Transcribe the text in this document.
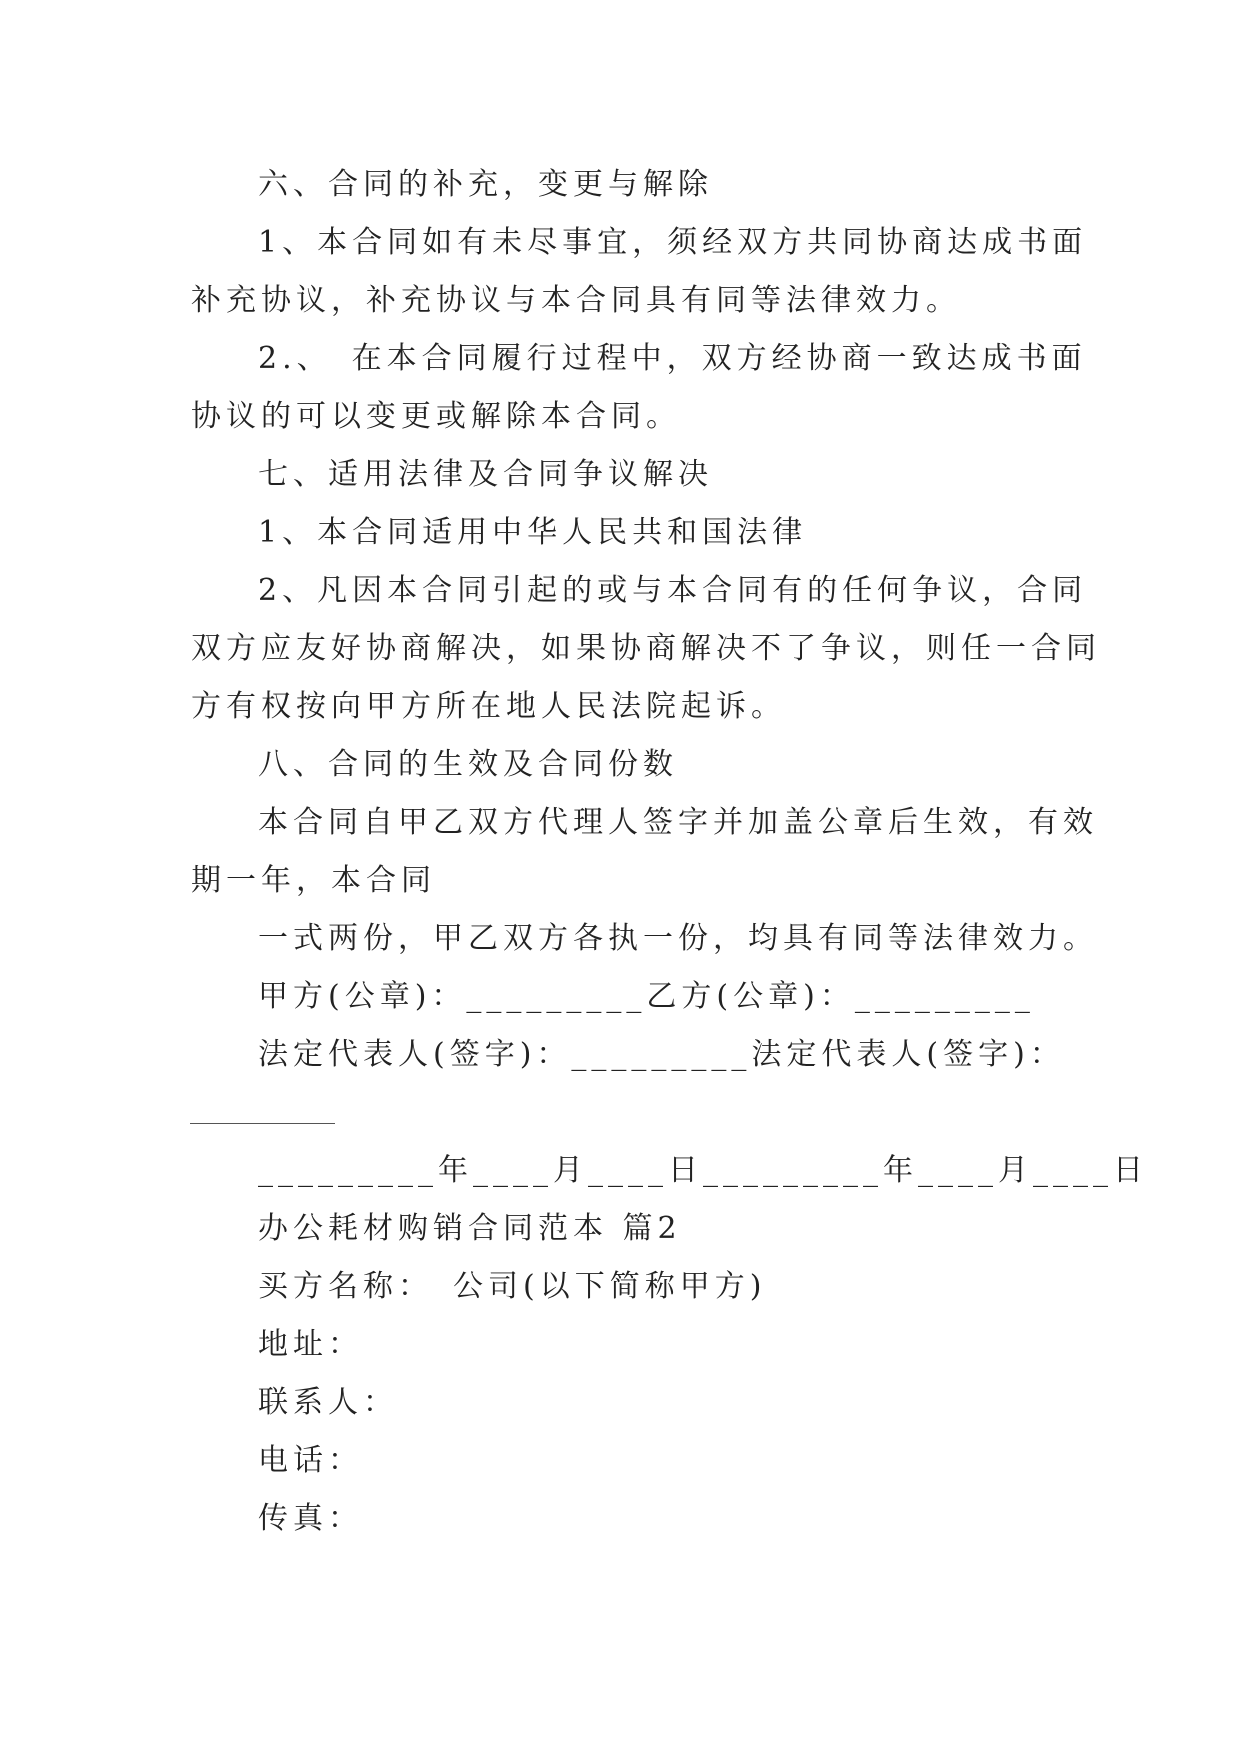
六、合同的补充，变更与解除
1、本合同如有未尽事宜，须经双方共同协商达成书面
补充协议，补充协议与本合同具有同等法律效力。
2.、　在本合同履行过程中，双方经协商一致达成书面
协议的可以变更或解除本合同。
七、适用法律及合同争议解决
1、本合同适用中华人民共和国法律
2、凡因本合同引起的或与本合同有的任何争议，合同
双方应友好协商解决，如果协商解决不了争议，则任一合同
方有权按向甲方所在地人民法院起诉。
八、合同的生效及合同份数
本合同自甲乙双方代理人签字并加盖公章后生效，有效
期一年，本合同
一式两份，甲乙双方各执一份，均具有同等法律效力。
甲方(公章)：_________乙方(公章)：_________
法定代表人(签字)：_________法定代表人(签字)：
_________年____月____日_________年____月____日
办公耗材购销合同范本 篇2
买方名称：　公司(以下简称甲方)
地址：
联系人：
电话：
传真：
